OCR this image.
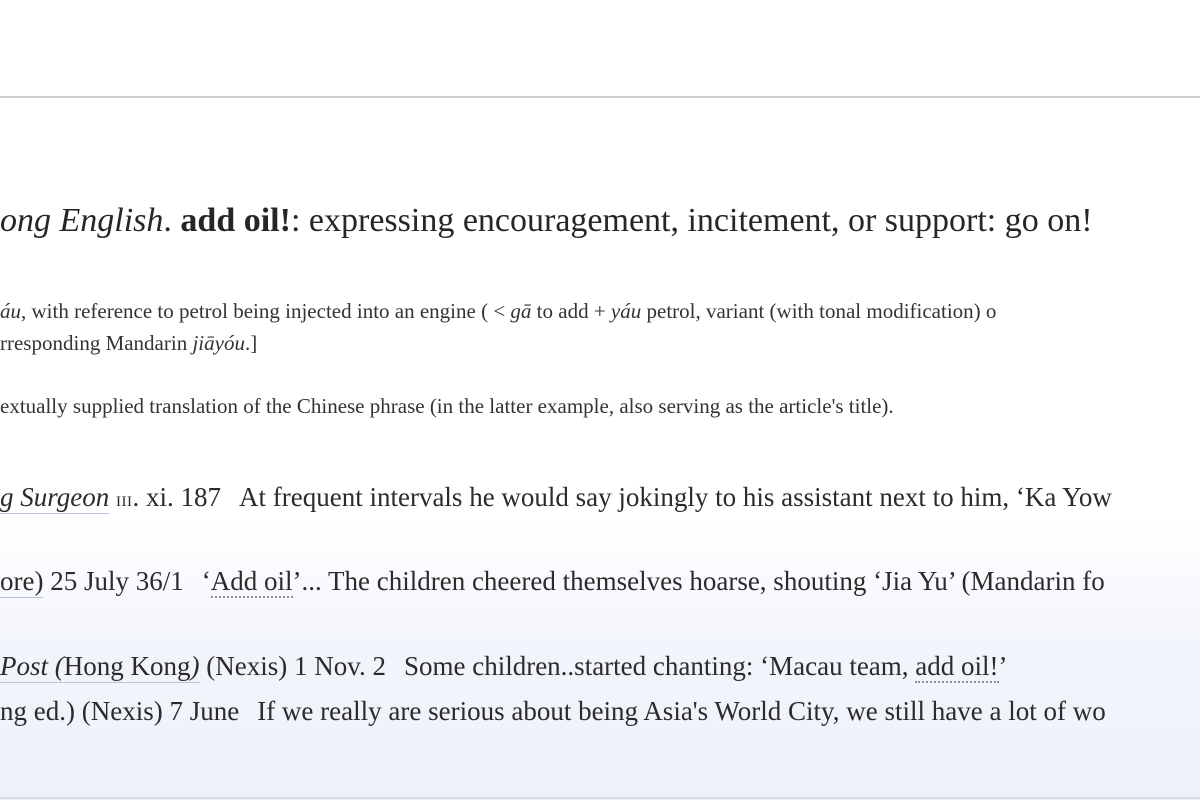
ong English. add oil!: expressing encouragement, incitement, or support: go on!
áu, with reference to petrol being injected into an engine ( < gā to add + yáu petrol, variant (with tonal modification) o
rresponding Mandarin jiāyóu.]
extually supplied translation of the Chinese phrase (in the latter example, also serving as the article's title).
g Surgeon iii. xi. 187 At frequent intervals he would say jokingly to his assistant next to him, ‘Ka Yow
ore) 25 July 36/1 ‘Add oil’... The children cheered themselves hoarse, shouting ‘Jia Yu’ (Mandarin fo
Post (Hong Kong) (Nexis) 1 Nov. 2 Some children..started chanting: ‘Macau team, add oil!’
ng ed.) (Nexis) 7 June If we really are serious about being Asia's World City, we still have a lot of wo
